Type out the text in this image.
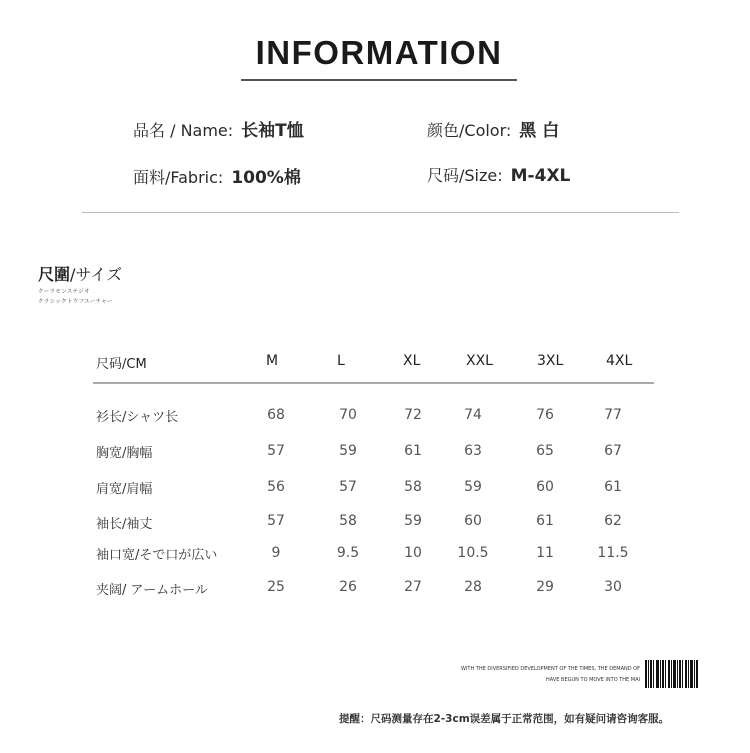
INFORMATION
品名 / Name: 长袖T恤	颜色/Color: 黑 白
面料/Fabric: 100%棉	尺码/Size: M-4XL
尺圍/サイズ
クーラモンステジオ
クラシックトウフユーチャー
尺码/CM	M	L	XL	XXL	3XL	4XL
衫长/シャツ长	68	70	72	74	76	77
胸宽/胸幅	57	59	61	63	65	67
肩宽/肩幅	56	57	58	59	60	61
袖长/袖丈	57	58	59	60	61	62
袖口宽/そで口が広い	9	9.5	10	10.5	11	11.5
夹阔/ アームホール	25	26	27	28	29	30
WITH THE DIVERSIFIED DEVELOPMENT OF THE TIMES, THE DEMAND OF
HAVE BEGUN TO MOVE INTO THE MAI
提醒：尺码测量存在2-3cm误差属于正常范围，如有疑问请咨询客服。
